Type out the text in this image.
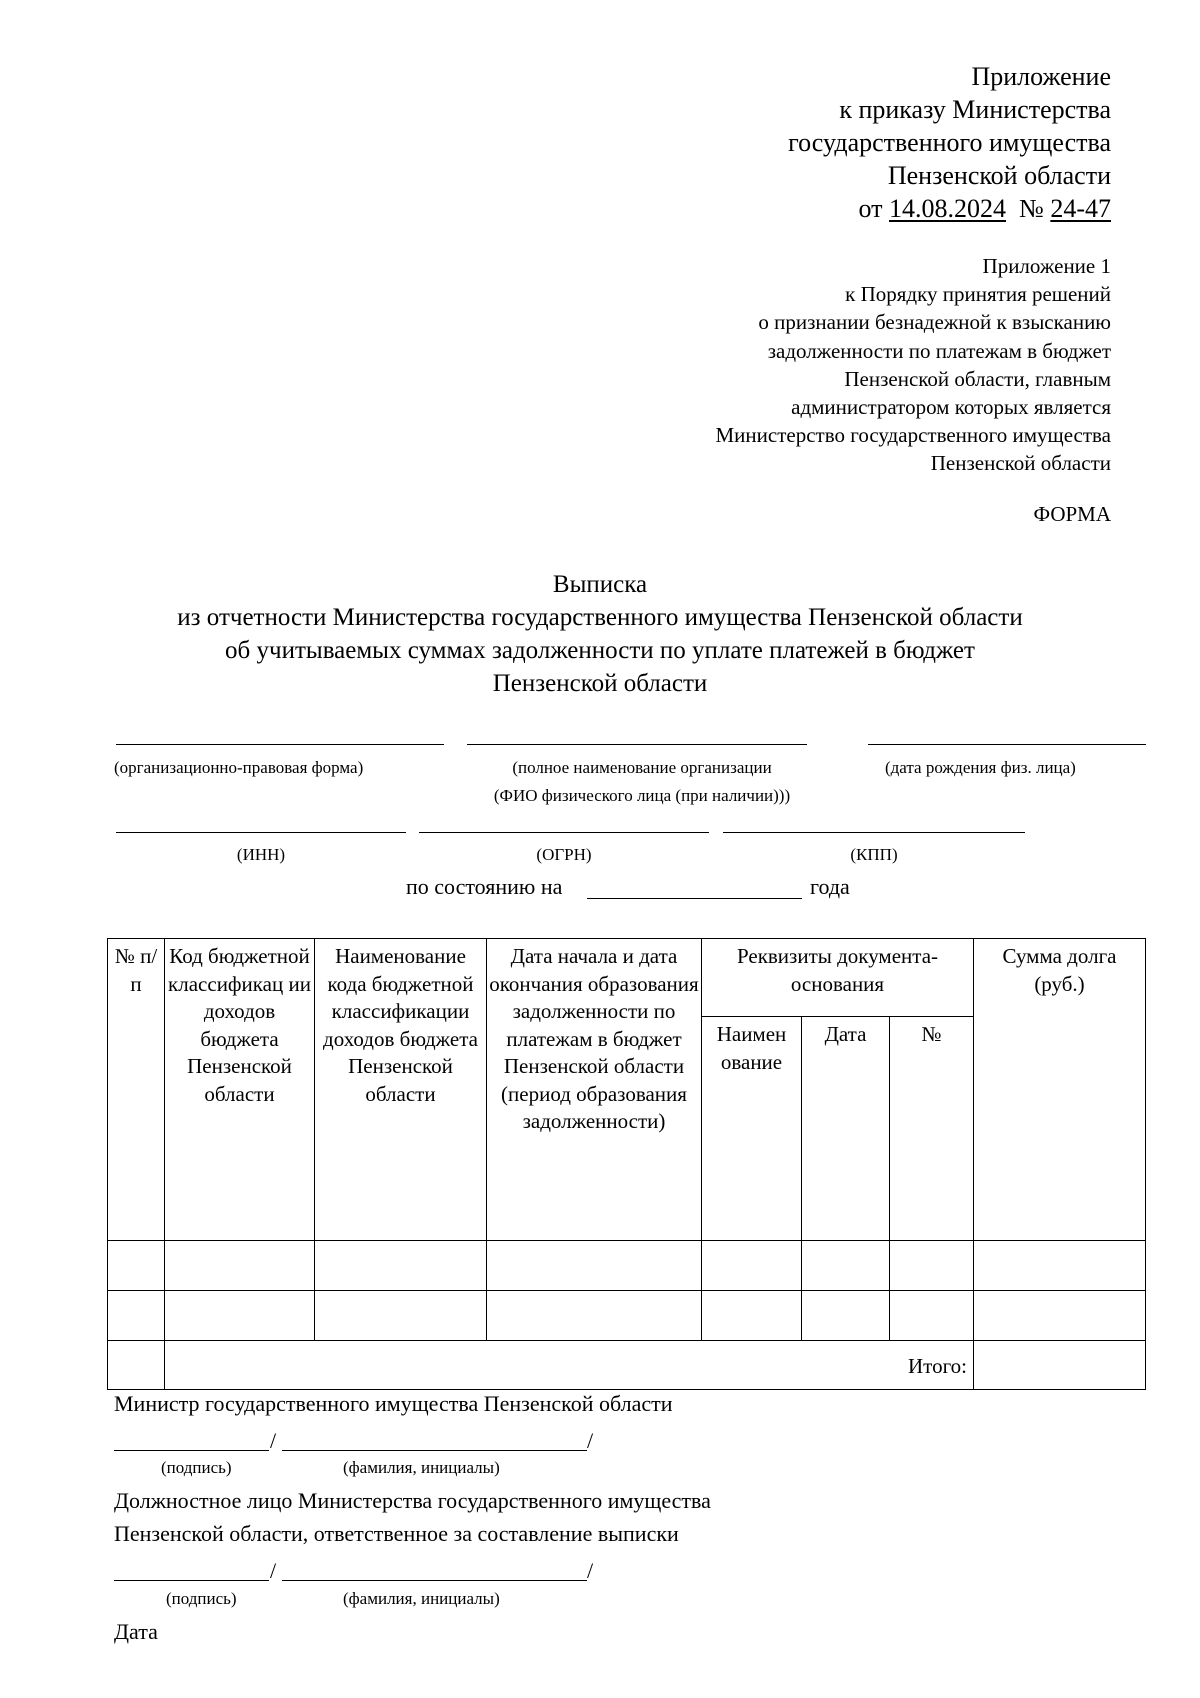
Приложение
к приказу Министерства
государственного имущества
Пензенской области
от 14.08.2024 № 24-47
Приложение 1
к Порядку принятия решений
о признании безнадежной к взысканию
задолженности по платежам в бюджет
Пензенской области, главным
администратором которых является
Министерство государственного имущества
Пензенской области
ФОРМА
Выписка
из отчетности Министерства государственного имущества Пензенской области
об учитываемых суммах задолженности по уплате платежей в бюджет
Пензенской области
(организационно-правовая форма)	(полное наименование организации
(ФИО физического лица (при наличии)))
(дата рождения физ. лица)
(ИНН)	(ОГРН)	(КПП)
по состоянию на	года
№ п/п	Код бюджетной классификац ии доходов бюджета Пензенской области	Наименование кода бюджетной классификации доходов бюджета Пензенской области	Дата начала и дата окончания образования задолженности по платежам в бюджет Пензенской области (период образования задолженности)	Реквизиты документа-основания			Сумма долга (руб.)
				Наимен ование	Дата	№	

	Итого:						
Министр государственного имущества Пензенской области
/	/
(подпись)	(фамилия, инициалы)
Должностное лицо Министерства государственного имущества
Пензенской области, ответственное за составление выписки
/	/
(подпись)	(фамилия, инициалы)
Дата
